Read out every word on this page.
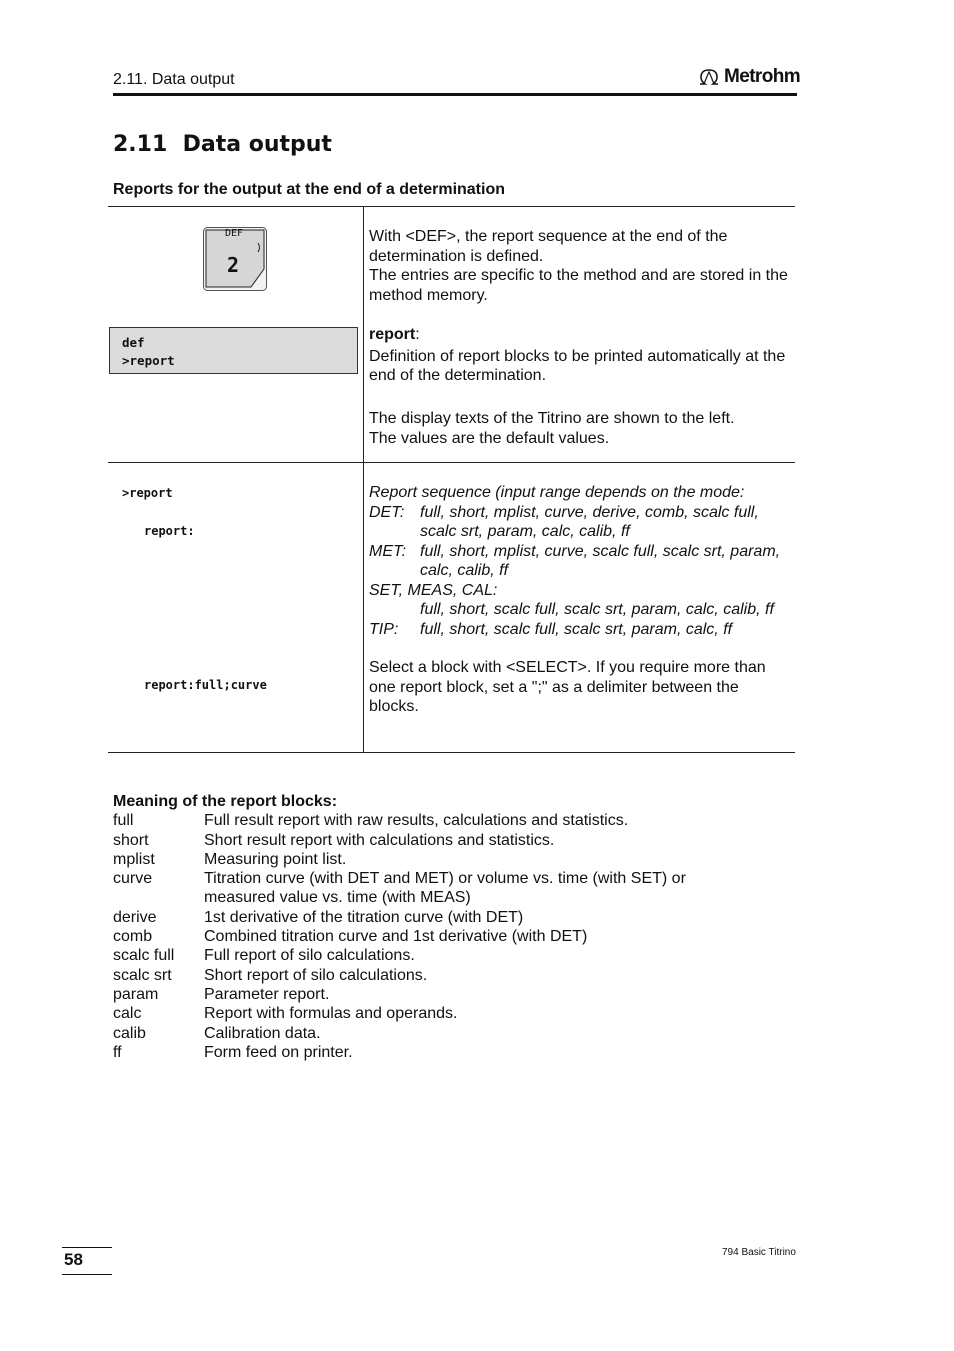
2.11. Data output	Metrohm
2.11  Data output
Reports for the output at the end of a determination
DEF
2
def
>report
With <DEF>, the report sequence at the end of the determination is defined.
The entries are specific to the method and are stored in the method memory.
report:
Definition of report blocks to be printed automatically at the end of the determination.
The display texts of the Titrino are shown to the left.
The values are the default values.
>report
report:
report:full;curve
Report sequence (input range depends on the mode:
DET: full, short, mplist, curve, derive, comb, scalc full, scalc srt, param, calc, calib, ff
MET: full, short, mplist, curve, scalc full, scalc srt, param, calc, calib, ff
SET, MEAS, CAL:
full, short, scalc full, scalc srt, param, calc, calib, ff
TIP:	full, short, scalc full, scalc srt, param, calc, ff
Select a block with <SELECT>. If you require more than one report block, set a ";" as a delimiter between the blocks.
Meaning of the report blocks:
full	Full result report with raw results, calculations and statistics.
short	Short result report with calculations and statistics.
mplist	Measuring point list.
curve	Titration curve (with DET and MET) or volume vs. time (with SET) or measured value vs. time (with MEAS)
derive	1st derivative of the titration curve (with DET)
comb	Combined titration curve and 1st derivative (with DET)
scalc full	Full report of silo calculations.
scalc srt	Short report of silo calculations.
param	Parameter report.
calc	Report with formulas and operands.
calib	Calibration data.
ff	Form feed on printer.
58	794 Basic Titrino
